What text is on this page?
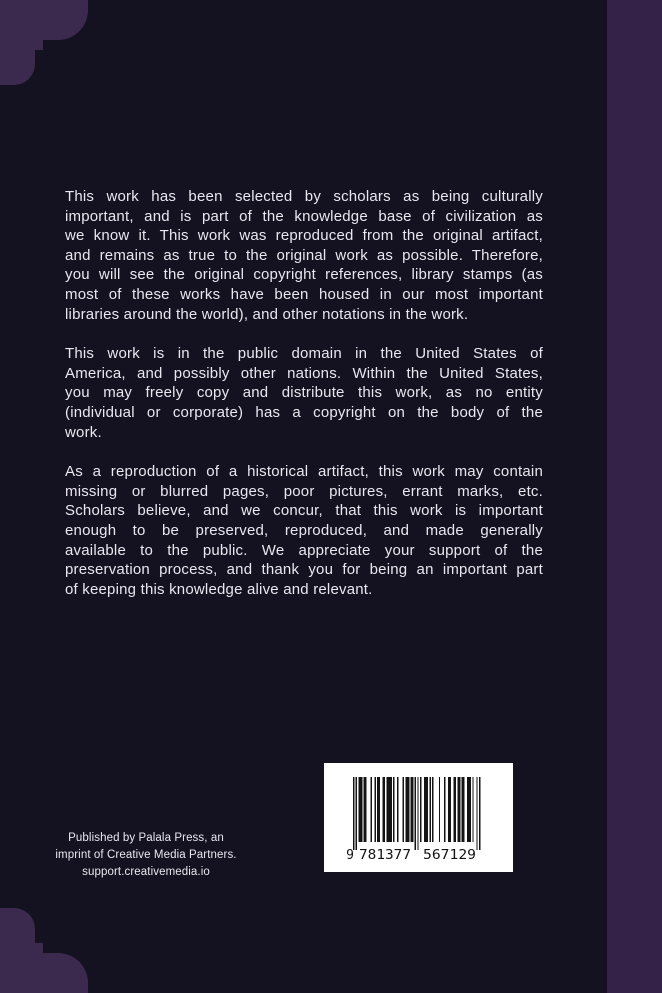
This work has been selected by scholars as being culturally
important, and is part of the knowledge base of civilization as
we know it. This work was reproduced from the original artifact,
and remains as true to the original work as possible. Therefore,
you will see the original copyright references, library stamps (as
most of these works have been housed in our most important
libraries around the world), and other notations in the work.
This work is in the public domain in the United States of
America, and possibly other nations. Within the United States,
you may freely copy and distribute this work, as no entity
(individual or corporate) has a copyright on the body of the
work.
As a reproduction of a historical artifact, this work may contain
missing or blurred pages, poor pictures, errant marks, etc.
Scholars believe, and we concur, that this work is important
enough to be preserved, reproduced, and made generally
available to the public. We appreciate your support of the
preservation process, and thank you for being an important part
of keeping this knowledge alive and relevant.
Published by Palala Press, an
imprint of Creative Media Partners.
support.creativemedia.io
9 781377 567129
